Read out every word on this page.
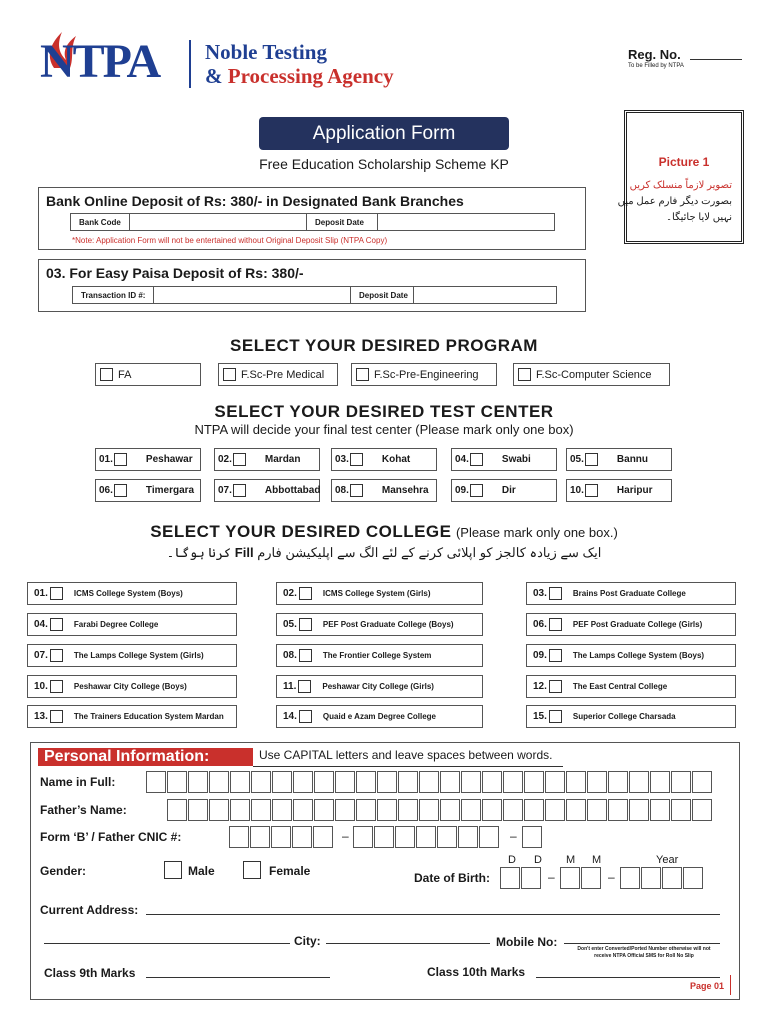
NTPA Noble Testing
& Processing Agency
Reg. No.
To be Filled by NTPA
Application Form
Free Education Scholarship Scheme KP	Picture 1
تصویر لازماً منسلک کریں بصورت دیگر فارم عمل میں نہیں لایا جائیگا۔
Bank Online Deposit of Rs: 380/- in Designated Bank Branches
Bank Code	Deposit Date
*Note: Application Form will not be entertained without Original Deposit Slip (NTPA Copy)
03. For Easy Paisa Deposit of Rs: 380/-
Transaction ID #:	Deposit Date
SELECT YOUR DESIRED PROGRAM
FA	F.Sc-Pre Medical	F.Sc-Pre-Engineering	F.Sc-Computer Science
SELECT YOUR DESIRED TEST CENTER
NTPA will decide your final test center (Please mark only one box)
01.	Peshawar	02.	Mardan	03.	Kohat	04.	Swabi	05.	Bannu
06.	Timergara 07.	Abbottabad 08.	Mansehra	09.	Dir	10.	Haripur
SELECT YOUR DESIRED COLLEGE (Please mark only one box.)
ایک سے زیادہ کالجز کو اپلائی کرنے کے لئے الگ سے اپلیکیشن فارم Fill کرنا ہوگا۔
01.	ICMS College System (Boys)	02.	ICMS College System (Girls)	03.	Brains Post Graduate College
04.	Farabi Degree College	05.	PEF Post Graduate College (Boys)	06.	PEF Post Graduate College (Girls)
07.	The Lamps College System (Girls)	08.	The Frontier College System	09.	The Lamps College System (Boys)
10.	Peshawar City College (Boys)	11.	Peshawar City College (Girls)	12.	The East Central College
13.	The Trainers Education System Mardan	14.	Quaid e Azam Degree College	15.	Superior College Charsada
Personal Information:	Use CAPITAL letters and leave spaces between words.
Name in Full:
Father’s Name:
Form ‘B’ / Father CNIC #:	–	–
Gender:	Male	Female
D D M M	Year
Date of Birth:	–	–
Current Address:
City:	Mobile No:	Don't enter Converted/Ported Number otherwise will not receive NTPA Official SMS for Roll No Slip
Class 9th Marks	Class 10th Marks
Page 01
